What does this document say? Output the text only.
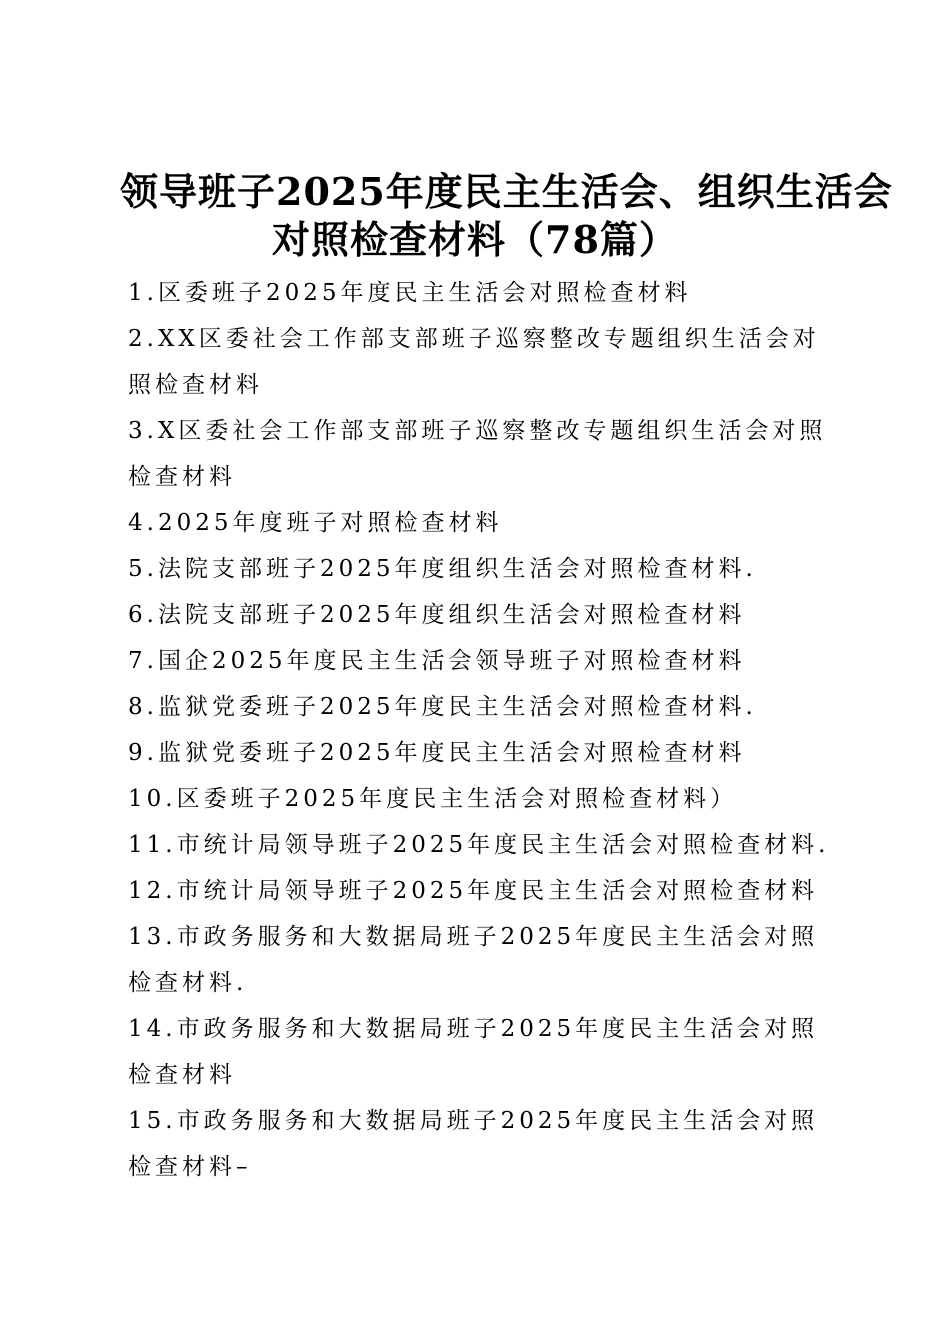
领导班子2025年度民主生活会、组织生活会
对照检查材料（78篇）
1.区委班子2025年度民主生活会对照检查材料
2.XX区委社会工作部支部班子巡察整改专题组织生活会对照检查材料
3.X区委社会工作部支部班子巡察整改专题组织生活会对照检查材料
4.2025年度班子对照检查材料
5.法院支部班子2025年度组织生活会对照检查材料.
6.法院支部班子2025年度组织生活会对照检查材料
7.国企2025年度民主生活会领导班子对照检查材料
8.监狱党委班子2025年度民主生活会对照检查材料.
9.监狱党委班子2025年度民主生活会对照检查材料
10.区委班子2025年度民主生活会对照检查材料）
11.市统计局领导班子2025年度民主生活会对照检查材料.
12.市统计局领导班子2025年度民主生活会对照检查材料
13.市政务服务和大数据局班子2025年度民主生活会对照检查材料.
14.市政务服务和大数据局班子2025年度民主生活会对照检查材料
15.市政务服务和大数据局班子2025年度民主生活会对照检查材料–
